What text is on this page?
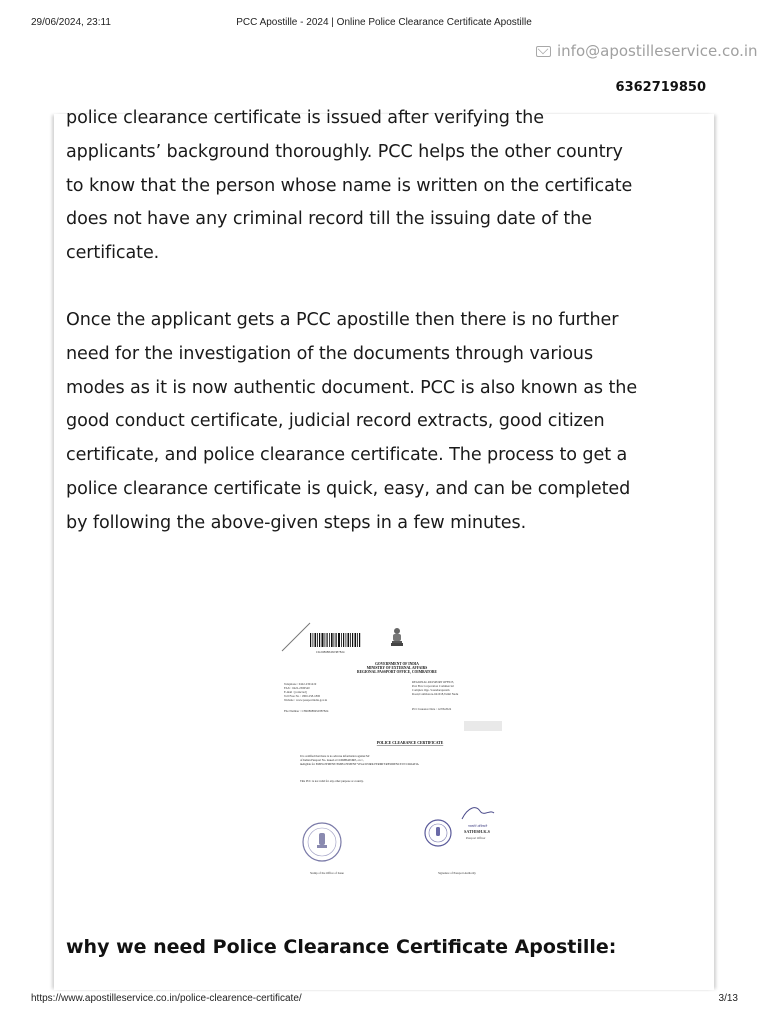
29/06/2024, 23:11	PCC Apostille - 2024 | Online Police Clearance Certificate Apostille
info@apostilleservice.co.in
6362719850

police clearance certificate is issued after verifying the
applicants’ background thoroughly. PCC helps the other country
to know that the person whose name is written on the certificate
does not have any criminal record till the issuing date of the
certificate.

Once the applicant gets a PCC apostille then there is no further
need for the investigation of the documents through various
modes as it is now authentic document. PCC is also known as the
good conduct certificate, judicial record extracts, good citizen
certificate, and police clearance certificate. The process to get a
police clearance certificate is quick, easy, and can be completed
by following the above-given steps in a few minutes.

CK2086884S0387824
GOVERNMENT OF INDIA
MINISTRY OF EXTERNAL AFFAIRS
REGIONAL PASSPORT OFFICE, COIMBATORE
Telephone : 0422-2301419
FAX : 0422-2306540
E-mail : [redacted]
Toll Free No : 1800-258-1800
Website : www.passportindia.gov.in
File Number : CH2086884S0387824
REGIONAL PASSPORT OFFICE,
Post Box Corporation Commercial
Complex Opp. Soundarapuram
Road,Coimbatore-641018,Tamil Nadu
PCC Issuance Date : 12/06/2024
POLICE CLEARANCE CERTIFICATE
It is certified that there is no adverse information against M/
of Indian Passport No. issued at COIMBATORE, on //,
ineligible for EMPLOYMENT/EMPLOYMENT VISA/WORK PERMIT/RESIDENCE IN CROATIA
This PCC is not valid for any other purpose or country.
Stamp of the Office of Issue
पासपोर्ट अधिकारी
SATHISH.K.S
Passport Officer
Signature of Passport Authority
why we need Police Clearance Certificate Apostille:
https://www.apostilleservice.co.in/police-clearence-certificate/	3/13
